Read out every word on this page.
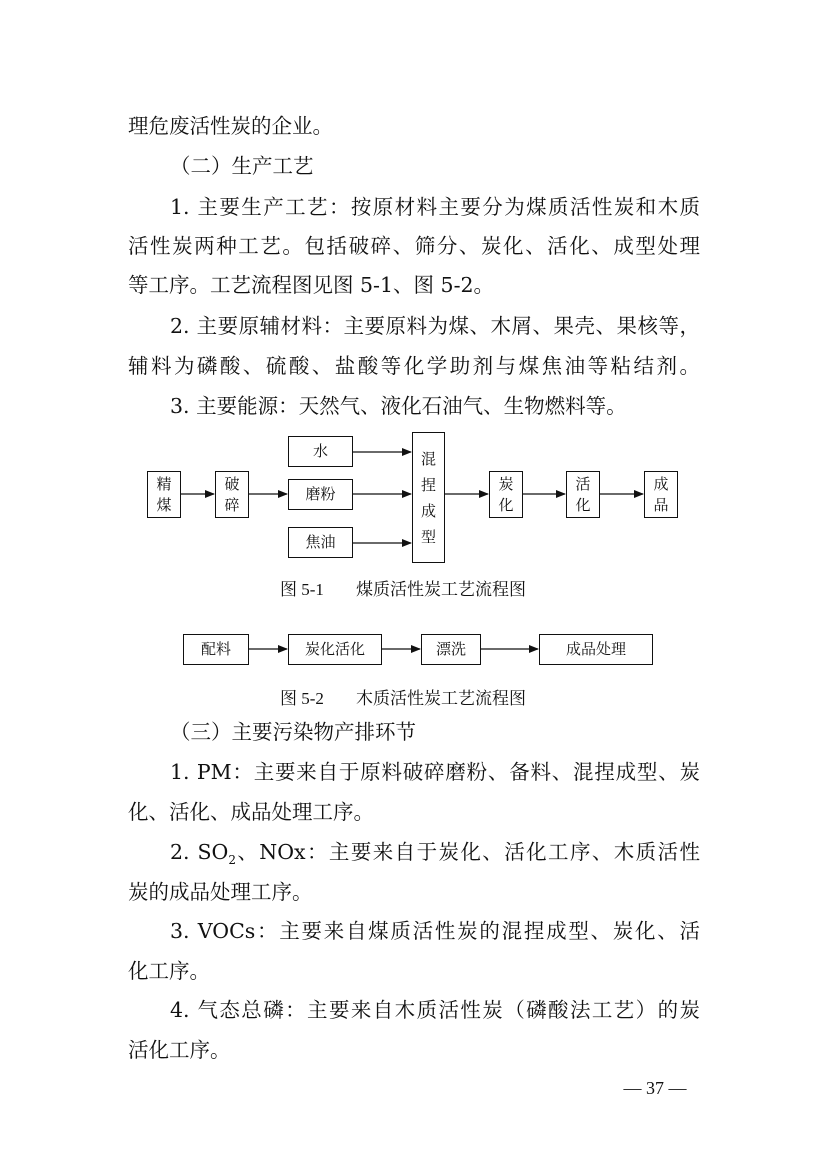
理危废活性炭的企业。
（二）生产工艺
1. 主要生产工艺：按原材料主要分为煤质活性炭和木质
活性炭两种工艺。包括破碎、筛分、炭化、活化、成型处理
等工序。工艺流程图见图 5-1、图 5-2。
2. 主要原辅材料：主要原料为煤、木屑、果壳、果核等，
辅料为磷酸、硫酸、盐酸等化学助剂与煤焦油等粘结剂。
3. 主要能源：天然气、液化石油气、生物燃料等。
精
煤
破
碎
水
磨粉
焦油
混
捏
成
型
炭
化
活
化
成
品
图 5-1 煤质活性炭工艺流程图
配料	炭化活化	漂洗	成品处理
图 5-2 木质活性炭工艺流程图
（三）主要污染物产排环节
1. PM：主要来自于原料破碎磨粉、备料、混捏成型、炭
化、活化、成品处理工序。
2. $SO_2$、NOx：主要来自于炭化、活化工序、木质活性
炭的成品处理工序。
3. VOCs：主要来自煤质活性炭的混捏成型、炭化、活
化工序。
4. 气态总磷：主要来自木质活性炭（磷酸法工艺）的炭
活化工序。
— 37 —
